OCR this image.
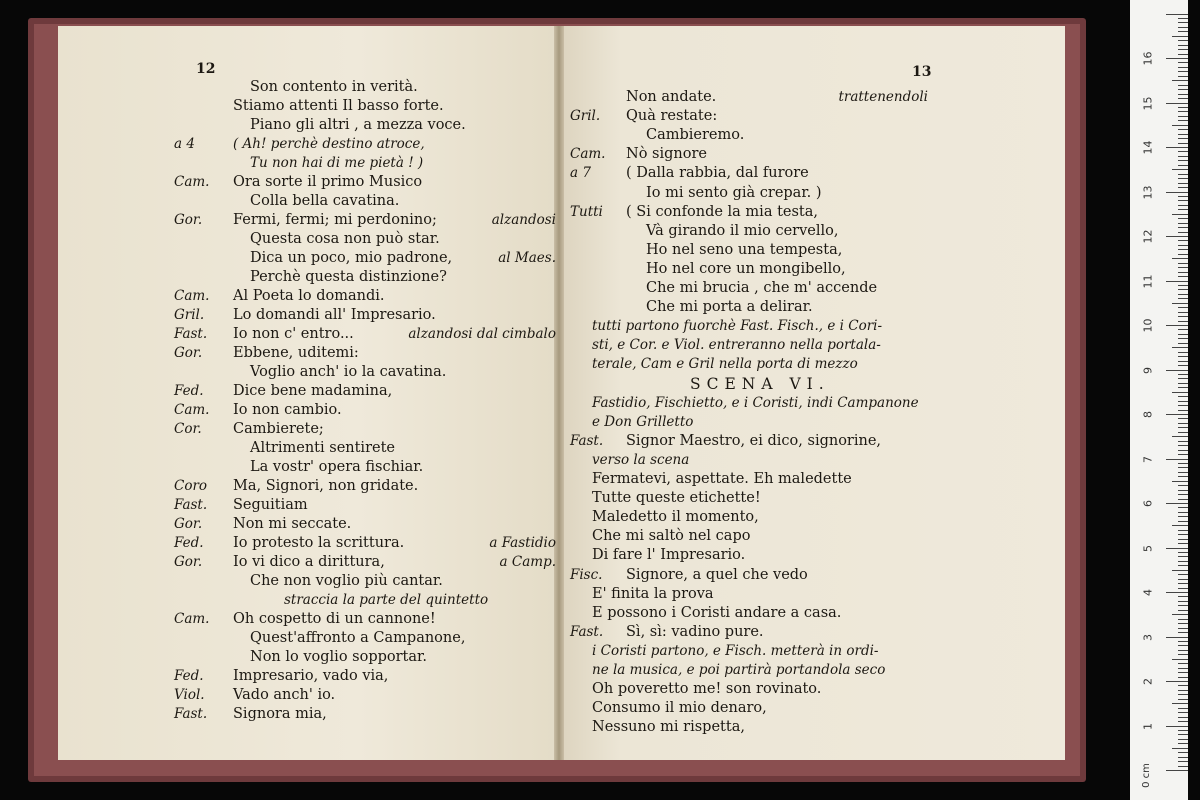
12	13
Son contento in verità.
Stiamo attenti Il basso forte.
Piano gli altri , a mezza voce.
a 4	( Ah! perchè destino atroce,
Tu non hai di me pietà ! )
Cam. Ora sorte il primo Musico
Colla bella cavatina.
Gor. Fermi, fermi; mi perdonino;	alzandosi
Questa cosa non può star.
Dica un poco, mio padrone,	al Maes.
Perchè questa distinzione?
Cam. Al Poeta lo domandi.
Gril. Lo domandi all' Impresario.
Fast. Io non c' entro...	alzandosi dal cimbalo
Gor. Ebbene, uditemi:
Voglio anch' io la cavatina.
Fed. Dice bene madamina,
Cam. Io non cambio.
Cor. Cambierete;
Altrimenti sentirete
La vostr' opera fischiar.
Coro Ma, Signori, non gridate.
Fast. Seguitiam
Gor. Non mi seccate.
Fed. Io protesto la scrittura.	a Fastidio
Gor. Io vi dico a dirittura,	a Camp.
Che non voglio più cantar.
straccia la parte del quintetto
Cam. Oh cospetto di un cannone!
Quest'affronto a Campanone,
Non lo voglio sopportar.
Fed. Impresario, vado via,
Viol. Vado anch' io.
Fast. Signora mia,
Non andate.	trattenendoli
Gril. Quà restate:
Cambieremo.
Cam. Nò signore
a 7 ( Dalla rabbia, dal furore
Io mi sento già crepar. )
Tutti ( Si confonde la mia testa,
Và girando il mio cervello,
Ho nel seno una tempesta,
Ho nel core un mongibello,
Che mi brucia , che m' accende
Che mi porta a delirar.
tutti partono fuorchè Fast. Fisch., e i Cori-
sti, e Cor. e Viol. entreranno nella portala-
terale, Cam e Gril nella porta di mezzo
SCENA VI.
Fastidio, Fischietto, e i Coristi, indi Campanone
e Don Grilletto
Fast. Signor Maestro, ei dico, signorine,
verso la scena
Fermatevi, aspettate. Eh maledette
Tutte queste etichette!
Maledetto il momento,
Che mi saltò nel capo
Di fare l' Impresario.
Fisc. Signore, a quel che vedo
E' finita la prova
E possono i Coristi andare a casa.
Fast. Sì, sì: vadino pure.
i Coristi partono, e Fisch. metterà in ordi-
ne la musica, e poi partirà portandola seco
Oh poveretto me! son rovinato.
Consumo il mio denaro,
Nessuno mi rispetta,
0 cm
1
2
3
4
5
6
7
8
9
10
11
12
13
14
15
16
